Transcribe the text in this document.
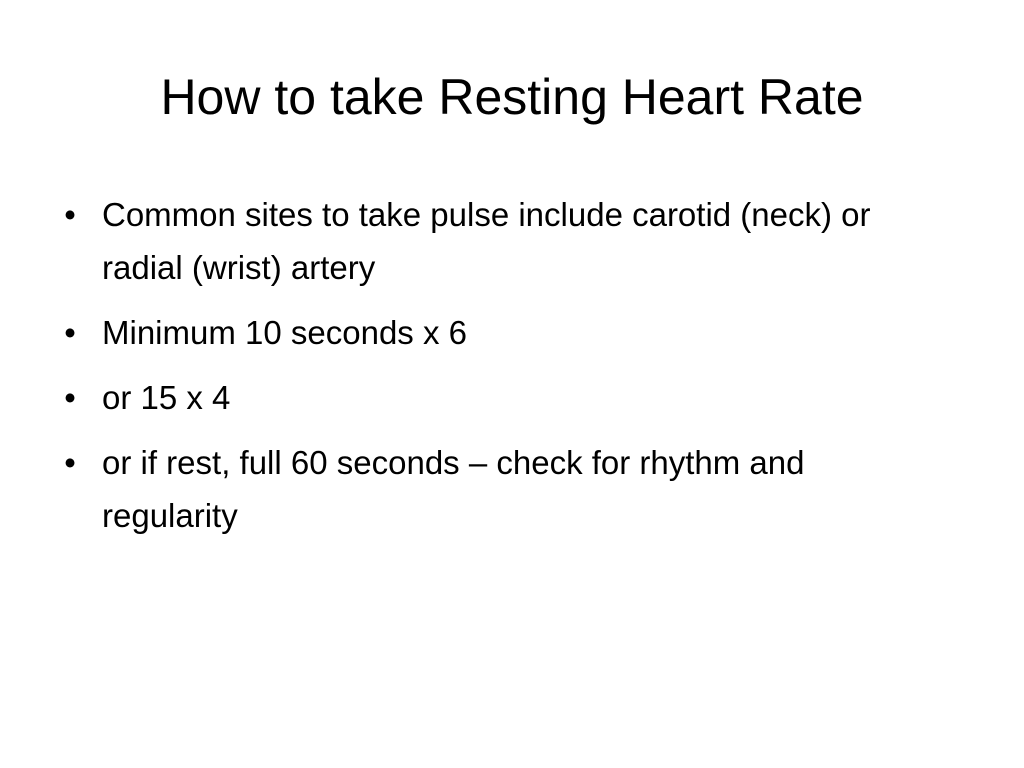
How to take Resting Heart Rate
• Common sites to take pulse include carotid (neck) or radial (wrist) artery
• Minimum 10 seconds x 6
• or 15 x 4
• or if rest, full 60 seconds – check for rhythm and regularity
